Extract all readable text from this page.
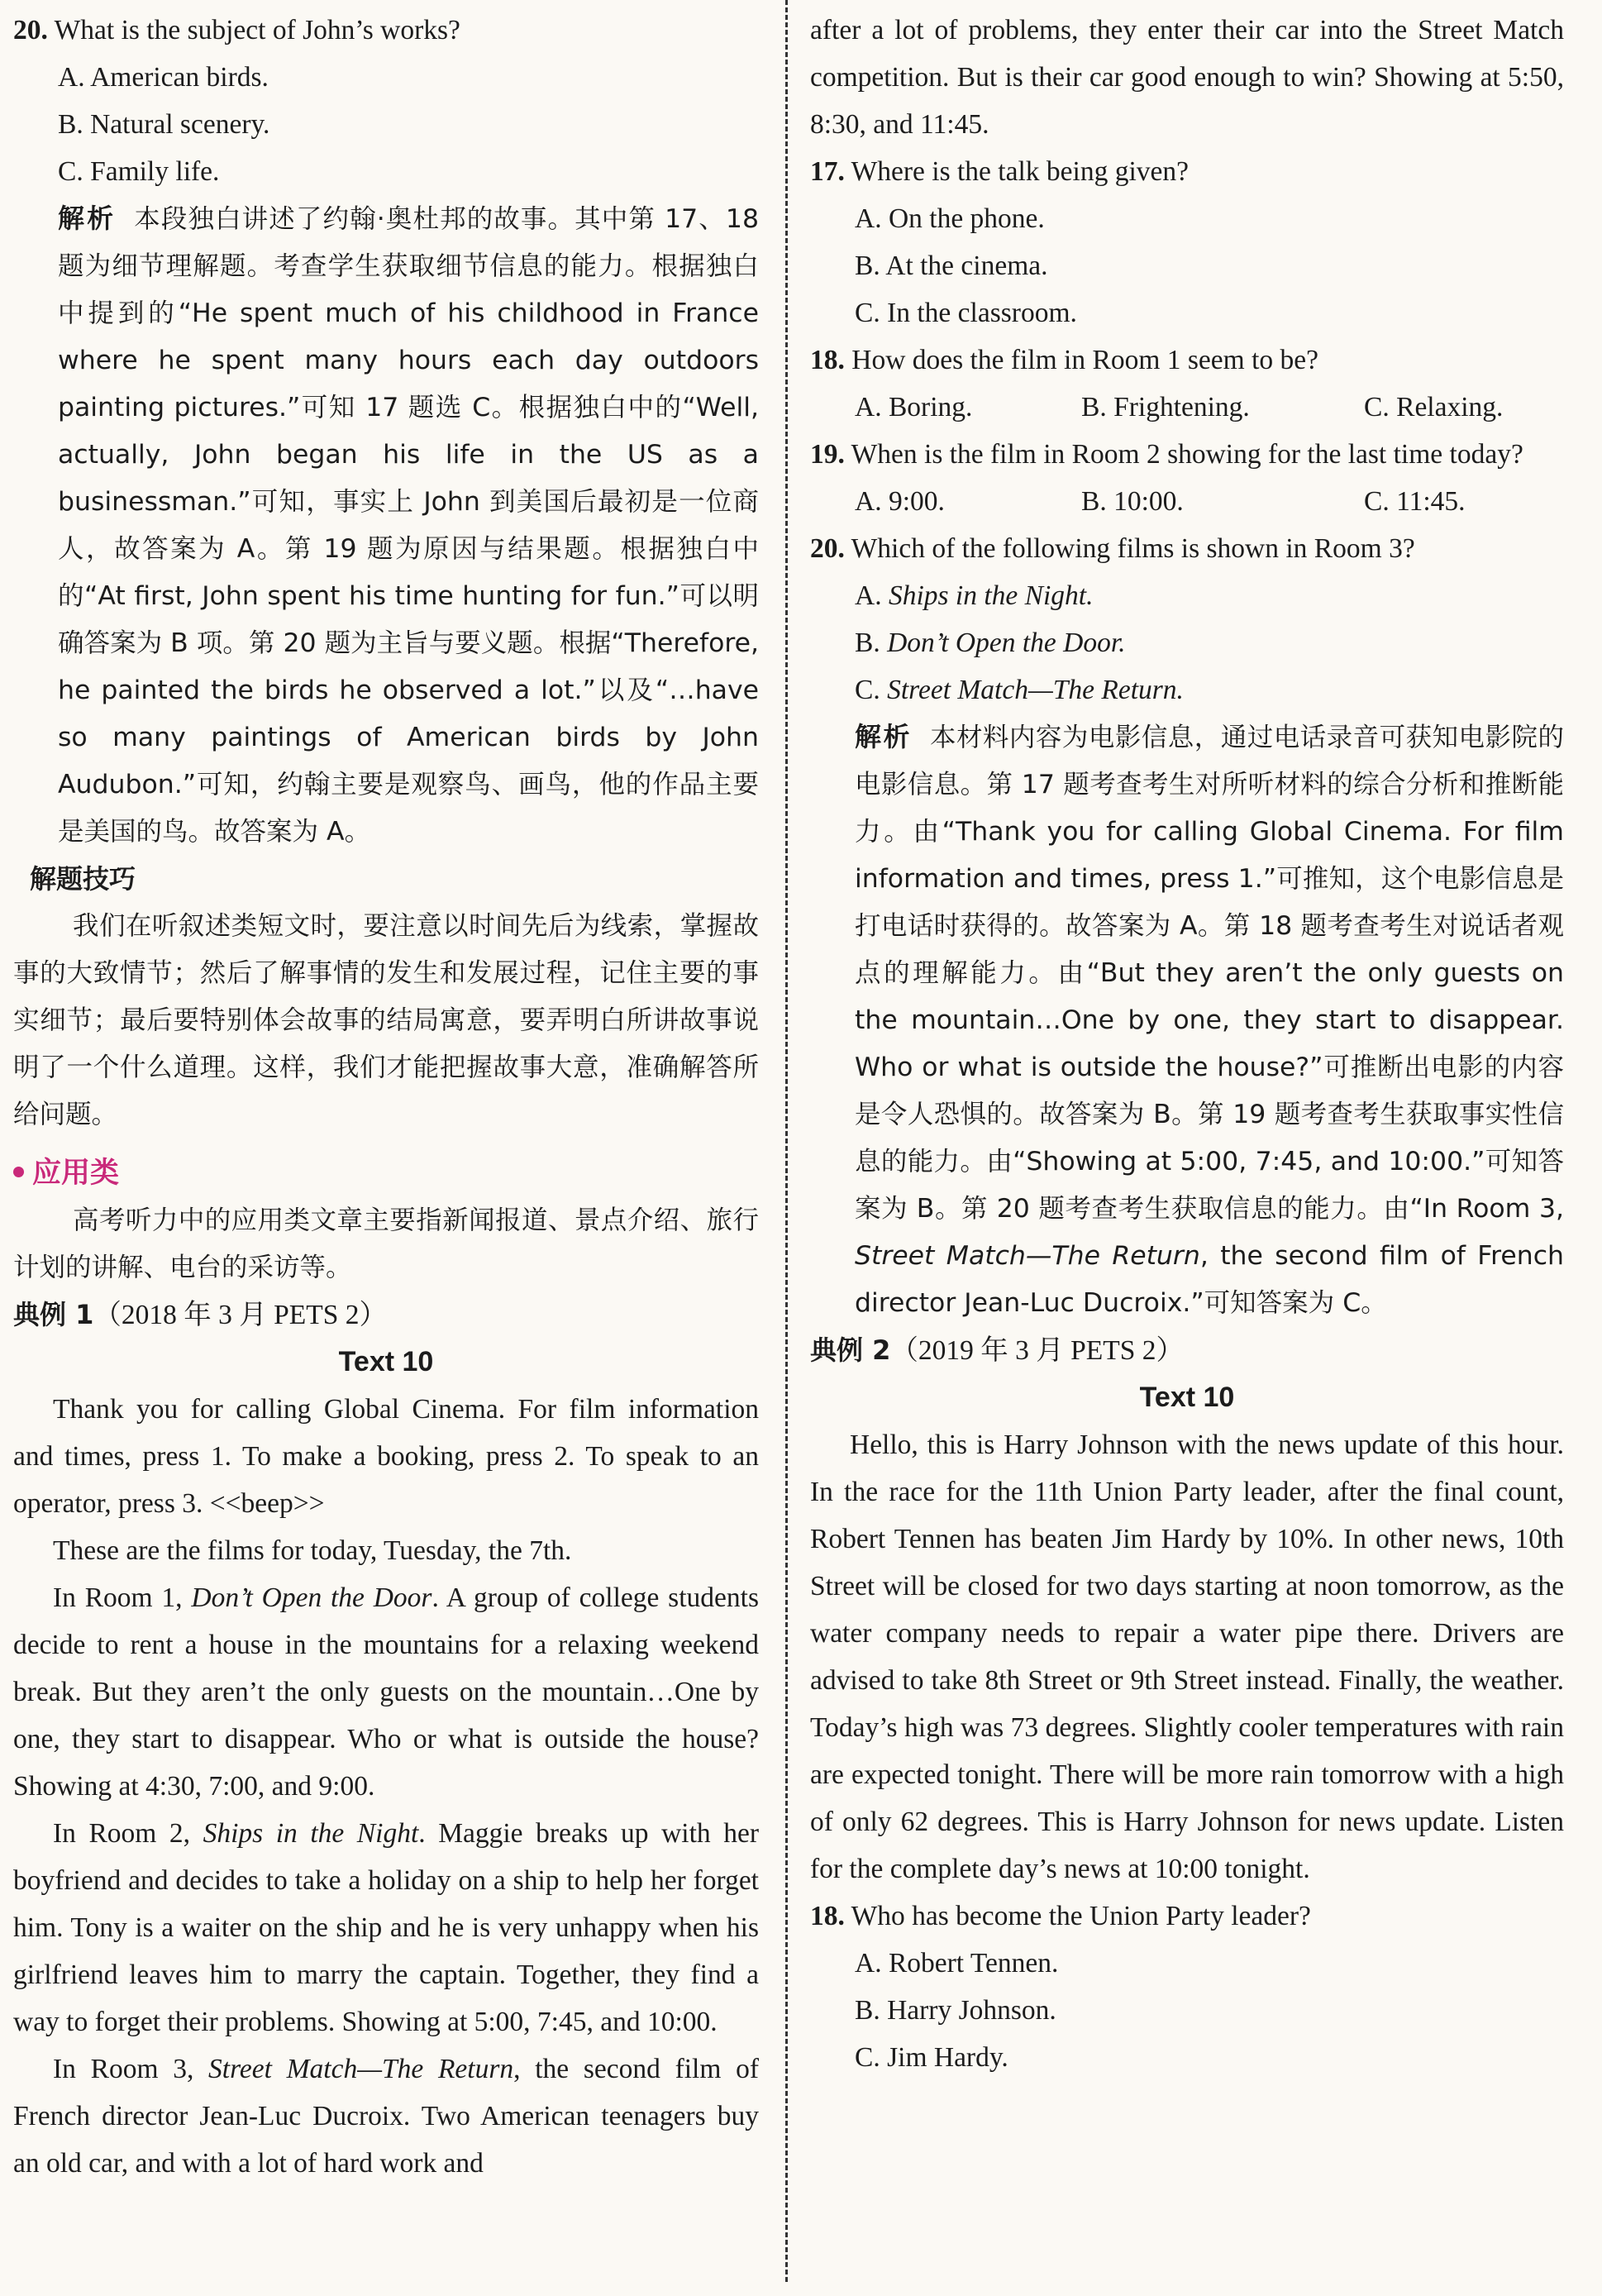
20. What is the subject of John’s works?

A. American birds.

B. Natural scenery.

C. Family life.

解析 本段独白讲述了约翰·奥杜邦的故事。其中第 17、18 题为细节理解题。考查学生获取细节信息的能力。根据独白中提到的“He spent much of his childhood in France where he spent many hours each day outdoors painting pictures.”可知 17 题选 C。根据独白中的“Well, actually, John began his life in the US as a businessman.”可知，事实上 John 到美国后最初是一位商人，故答案为 A。第 19 题为原因与结果题。根据独白中的“At first, John spent his time hunting for fun.”可以明确答案为 B 项。第 20 题为主旨与要义题。根据“Therefore, he painted the birds he observed a lot.”以及“…have so many paintings of American birds by John Audubon.”可知，约翰主要是观察鸟、画鸟，他的作品主要是美国的鸟。故答案为 A。

解题技巧

我们在听叙述类短文时，要注意以时间先后为线索，掌握故事的大致情节；然后了解事情的发生和发展过程，记住主要的事实细节；最后要特别体会故事的结局寓意，要弄明白所讲故事说明了一个什么道理。这样，我们才能把握故事大意，准确解答所给问题。

应用类

高考听力中的应用类文章主要指新闻报道、景点介绍、旅行计划的讲解、电台的采访等。

典例 1（2018 年 3 月 PETS 2）

Text 10

Thank you for calling Global Cinema. For film information and times, press 1. To make a booking, press 2. To speak to an operator, press 3. <<beep>>

These are the films for today, Tuesday, the 7th.

In Room 1, Don’t Open the Door. A group of college students decide to rent a house in the mountains for a relaxing weekend break. But they aren’t the only guests on the mountain…One by one, they start to disappear. Who or what is outside the house? Showing at 4:30, 7:00, and 9:00.

In Room 2, Ships in the Night. Maggie breaks up with her boyfriend and decides to take a holiday on a ship to help her forget him. Tony is a waiter on the ship and he is very unhappy when his girlfriend leaves him to marry the captain. Together, they find a way to forget their problems. Showing at 5:00, 7:45, and 10:00.

In Room 3, Street Match—The Return, the second film of French director Jean-Luc Ducroix. Two American teenagers buy an old car, and with a lot of hard work and

after a lot of problems, they enter their car into the Street Match competition. But is their car good enough to win? Showing at 5:50, 8:30, and 11:45.

17. Where is the talk being given?

A. On the phone.

B. At the cinema.

C. In the classroom.

18. How does the film in Room 1 seem to be?

A. Boring.	B. Frightening.	C. Relaxing.

19. When is the film in Room 2 showing for the last time today?

A. 9:00.	B. 10:00.	C. 11:45.

20. Which of the following films is shown in Room 3?

A. Ships in the Night.

B. Don’t Open the Door.

C. Street Match—The Return.

解析 本材料内容为电影信息，通过电话录音可获知电影院的电影信息。第 17 题考查考生对所听材料的综合分析和推断能力。由“Thank you for calling Global Cinema. For film information and times, press 1.”可推知，这个电影信息是打电话时获得的。故答案为 A。第 18 题考查考生对说话者观点的理解能力。由“But they aren’t the only guests on the mountain…One by one, they start to disappear. Who or what is outside the house?”可推断出电影的内容是令人恐惧的。故答案为 B。第 19 题考查考生获取事实性信息的能力。由“Showing at 5:00, 7:45, and 10:00.”可知答案为 B。第 20 题考查考生获取信息的能力。由“In Room 3, Street Match—The Return, the second film of French director Jean-Luc Ducroix.”可知答案为 C。

典例 2（2019 年 3 月 PETS 2）

Text 10

Hello, this is Harry Johnson with the news update of this hour. In the race for the 11th Union Party leader, after the final count, Robert Tennen has beaten Jim Hardy by 10%. In other news, 10th Street will be closed for two days starting at noon tomorrow, as the water company needs to repair a water pipe there. Drivers are advised to take 8th Street or 9th Street instead. Finally, the weather. Today’s high was 73 degrees. Slightly cooler temperatures with rain are expected tonight. There will be more rain tomorrow with a high of only 62 degrees. This is Harry Johnson for news update. Listen for the complete day’s news at 10:00 tonight.

18. Who has become the Union Party leader?

A. Robert Tennen.

B. Harry Johnson.

C. Jim Hardy.
